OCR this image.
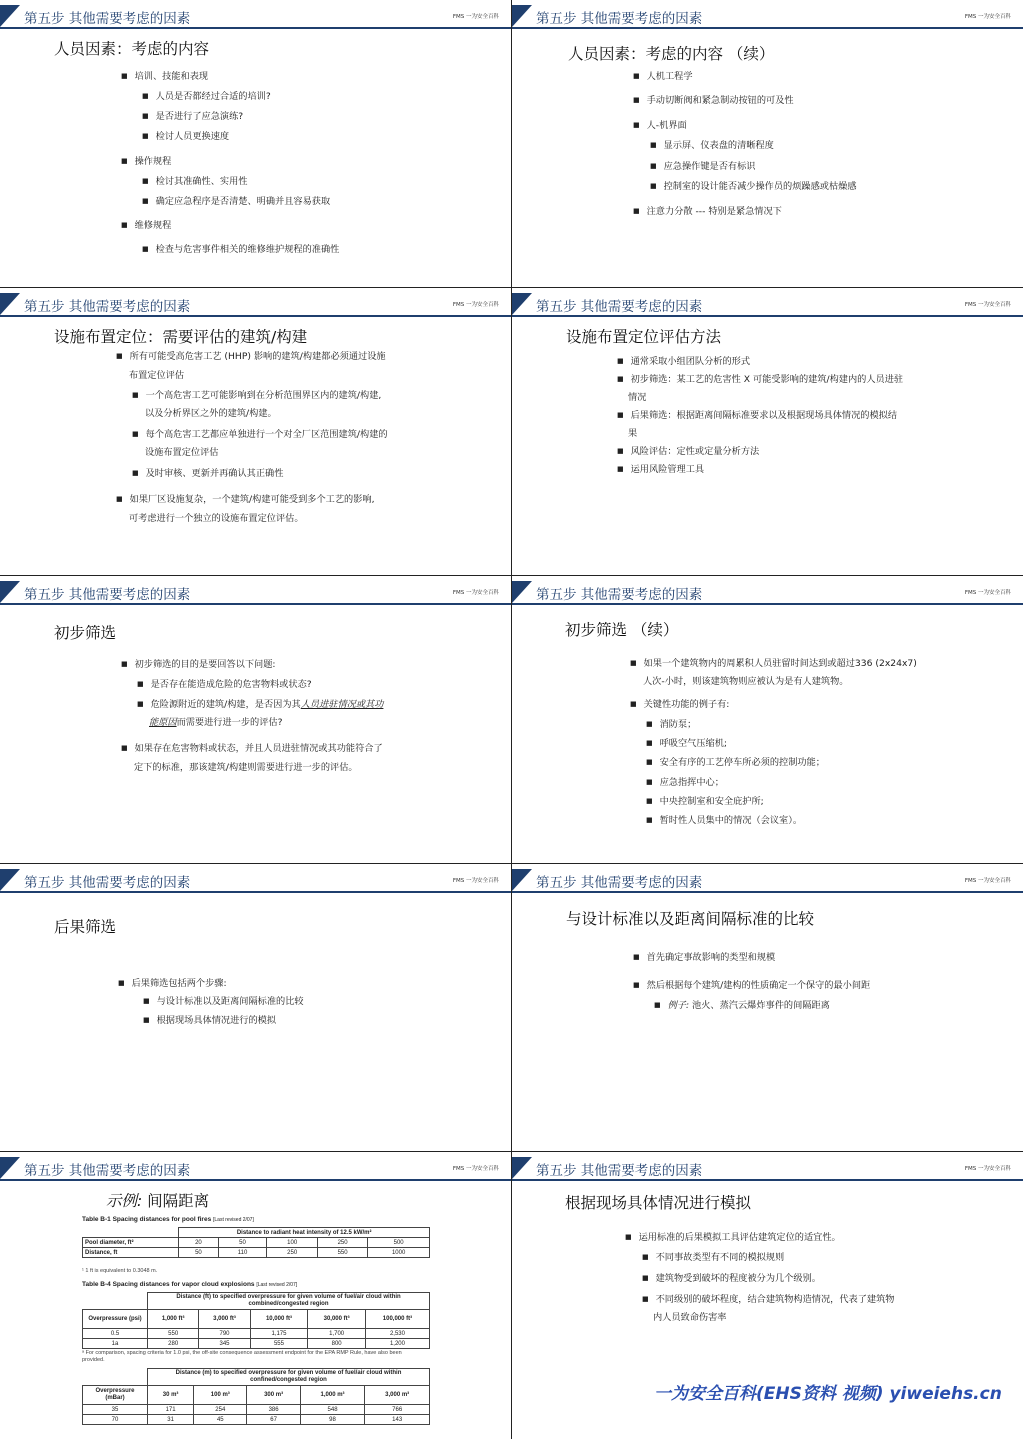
第五步 其他需要考虑的因素	FMS 一为安全百科
人员因素：考虑的内容
■ 培训、技能和表现
■ 人员是否都经过合适的培训?
■ 是否进行了应急演练?
■ 检讨人员更换速度
■ 操作规程
■ 检讨其准确性、实用性
■ 确定应急程序是否清楚、明确并且容易获取
■ 维修规程
■ 检查与危害事件相关的维修维护规程的准确性
第五步 其他需要考虑的因素	FMS 一为安全百科
人员因素：考虑的内容 （续）
■ 人机工程学
■ 手动切断阀和紧急制动按钮的可及性
■ 人-机界面
■ 显示屏、仪表盘的清晰程度
■ 应急操作键是否有标识
■ 控制室的设计能否减少操作员的烦躁感或枯燥感
■ 注意力分散 --- 特别是紧急情况下
第五步 其他需要考虑的因素	FMS 一为安全百科
设施布置定位：需要评估的建筑/构建
■ 所有可能受高危害工艺 (HHP) 影响的建筑/构建都必须通过设施
布置定位评估
■ 一个高危害工艺可能影响到在分析范围界区内的建筑/构建,
以及分析界区之外的建筑/构建。
■ 每个高危害工艺都应单独进行一个对全厂区范围建筑/构建的
设施布置定位评估
■ 及时审核、更新并再确认其正确性
■ 如果厂区设施复杂，一个建筑/构建可能受到多个工艺的影响,
可考虑进行一个独立的设施布置定位评估。
第五步 其他需要考虑的因素	FMS 一为安全百科
设施布置定位评估方法
■ 通常采取小组团队分析的形式
■ 初步筛选：某工艺的危害性 X 可能受影响的建筑/构建内的人员进驻
情况
■ 后果筛选：根据距离间隔标准要求以及根据现场具体情况的模拟结
果
■ 风险评估：定性或定量分析方法
■ 运用风险管理工具
第五步 其他需要考虑的因素	FMS 一为安全百科
初步筛选
■ 初步筛选的目的是要回答以下问题:
■ 是否存在能造成危险的危害物料或状态?
■ 危险源附近的建筑/构建，是否因为其人员进驻情况或其功
能原因而需要进行进一步的评估?
■ 如果存在危害物料或状态，并且人员进驻情况或其功能符合了
定下的标准，那该建筑/构建则需要进行进一步的评估。
第五步 其他需要考虑的因素	FMS 一为安全百科
初步筛选 （续）
■ 如果一个建筑物内的周累积人员驻留时间达到或超过336 (2x24x7)
人次-小时，则该建筑物则应被认为是有人建筑物。
■ 关键性功能的例子有:
■ 消防泵；
■ 呼吸空气压缩机;
■ 安全有序的工艺停车所必须的控制功能；
■ 应急指挥中心；
■ 中央控制室和安全庇护所;
■ 暂时性人员集中的情况（会议室）。
第五步 其他需要考虑的因素	FMS 一为安全百科
后果筛选
■ 后果筛选包括两个步骤:
■ 与设计标准以及距离间隔标准的比较
■ 根据现场具体情况进行的模拟
第五步 其他需要考虑的因素	FMS 一为安全百科
与设计标准以及距离间隔标准的比较
■ 首先确定事故影响的类型和规模
■ 然后根据每个建筑/建构的性质确定一个保守的最小间距
■ 例子: 池火、蒸汽云爆炸事件的间隔距离
第五步 其他需要考虑的因素	FMS 一为安全百科
示例: 间隔距离
Table B-1 Spacing distances for pool fires [Last revised 2/07]
	Distance to radiant heat intensity of 12.5 kW/m²				
Pool diameter, ft²	20	50	100	250	500
Distance, ft	50	110	250	550	1000
¹ 1 ft is equivalent to 0.3048 m.
Table B-4 Spacing distances for vapor cloud explosions [Last revised 2/07]
	Distance (ft) to specified overpressure for given volume of fuel/air cloud within combined/congested region				
Overpressure (psi)	1,000 ft³	3,000 ft³	10,000 ft³	30,000 ft³	100,000 ft³
0.5	550	790	1,175	1,700	2,530
1a	280	345	555	800	1,200
ᵃ For comparison, spacing criteria for 1.0 psi, the off-site consequence assessment endpoint for the EPA RMP Rule, have also been provided.
	Distance (m) to specified overpressure for given volume of fuel/air cloud within confined/congested region				
Overpressure (mBar)	30 m³	100 m³	300 m³	1,000 m³	3,000 m³
35	171	254	386	548	766
70	31	45	67	98	143
第五步 其他需要考虑的因素	FMS 一为安全百科
根据现场具体情况进行模拟
■ 运用标准的后果模拟工具评估建筑定位的适宜性。
■ 不同事故类型有不同的模拟规则
■ 建筑物受到破坏的程度被分为几个级别。
■ 不同级别的破坏程度，结合建筑物构造情况，代表了建筑物
内人员致命伤害率
一为安全百科(EHS资料 视频) yiweiehs.cn
